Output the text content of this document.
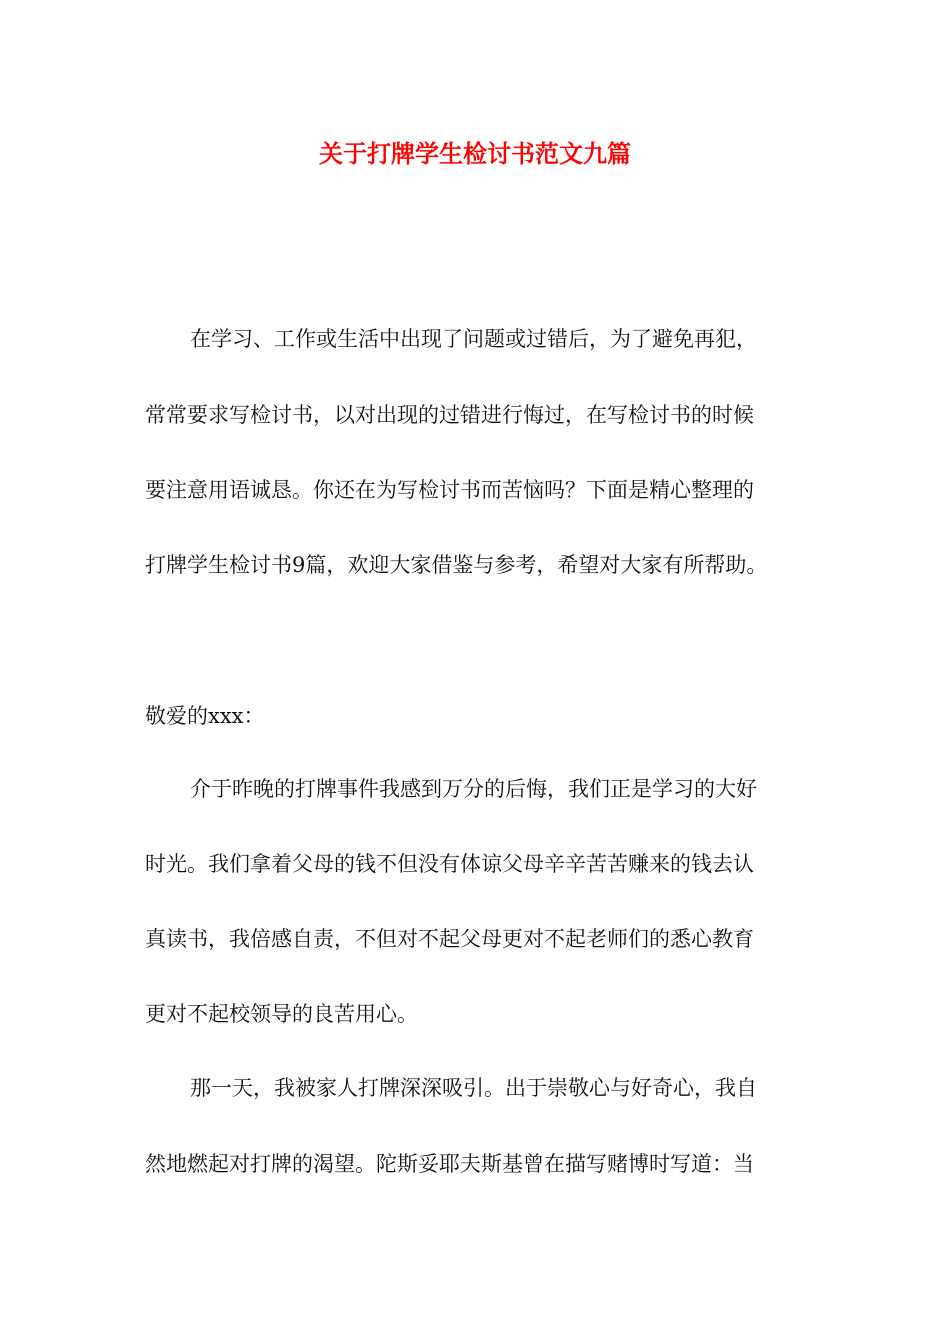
关于打牌学生检讨书范文九篇

在学习、工作或生活中出现了问题或过错后，为了避免再犯，

常常要求写检讨书，以对出现的过错进行悔过，在写检讨书的时候

要注意用语诚恳。你还在为写检讨书而苦恼吗？下面是精心整理的

打牌学生检讨书9篇，欢迎大家借鉴与参考，希望对大家有所帮助。

敬爱的xxx：

介于昨晚的打牌事件我感到万分的后悔，我们正是学习的大好

时光。我们拿着父母的钱不但没有体谅父母辛辛苦苦赚来的钱去认

真读书，我倍感自责，不但对不起父母更对不起老师们的悉心教育

更对不起校领导的良苦用心。

那一天，我被家人打牌深深吸引。出于崇敬心与好奇心，我自

然地燃起对打牌的渴望。陀斯妥耶夫斯基曾在描写赌博时写道：当
